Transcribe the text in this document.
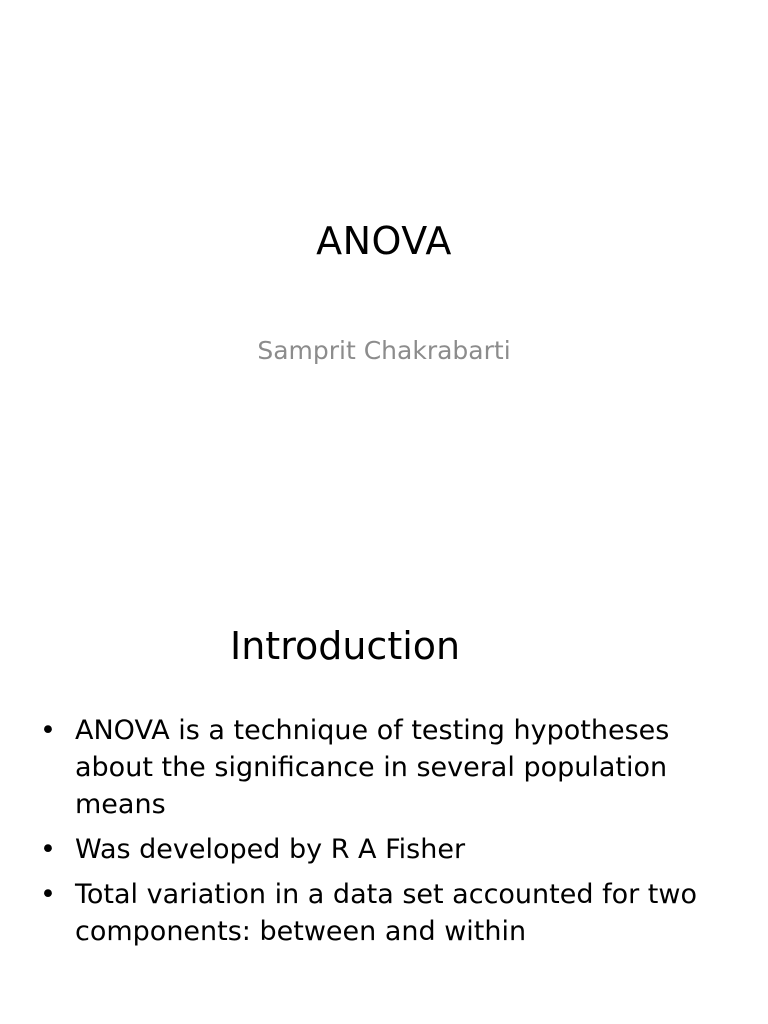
ANOVA
Samprit Chakrabarti
Introduction
• ANOVA is a technique of testing hypotheses about the significance in several population means
• Was developed by R A Fisher
• Total variation in a data set accounted for two components: between and within
